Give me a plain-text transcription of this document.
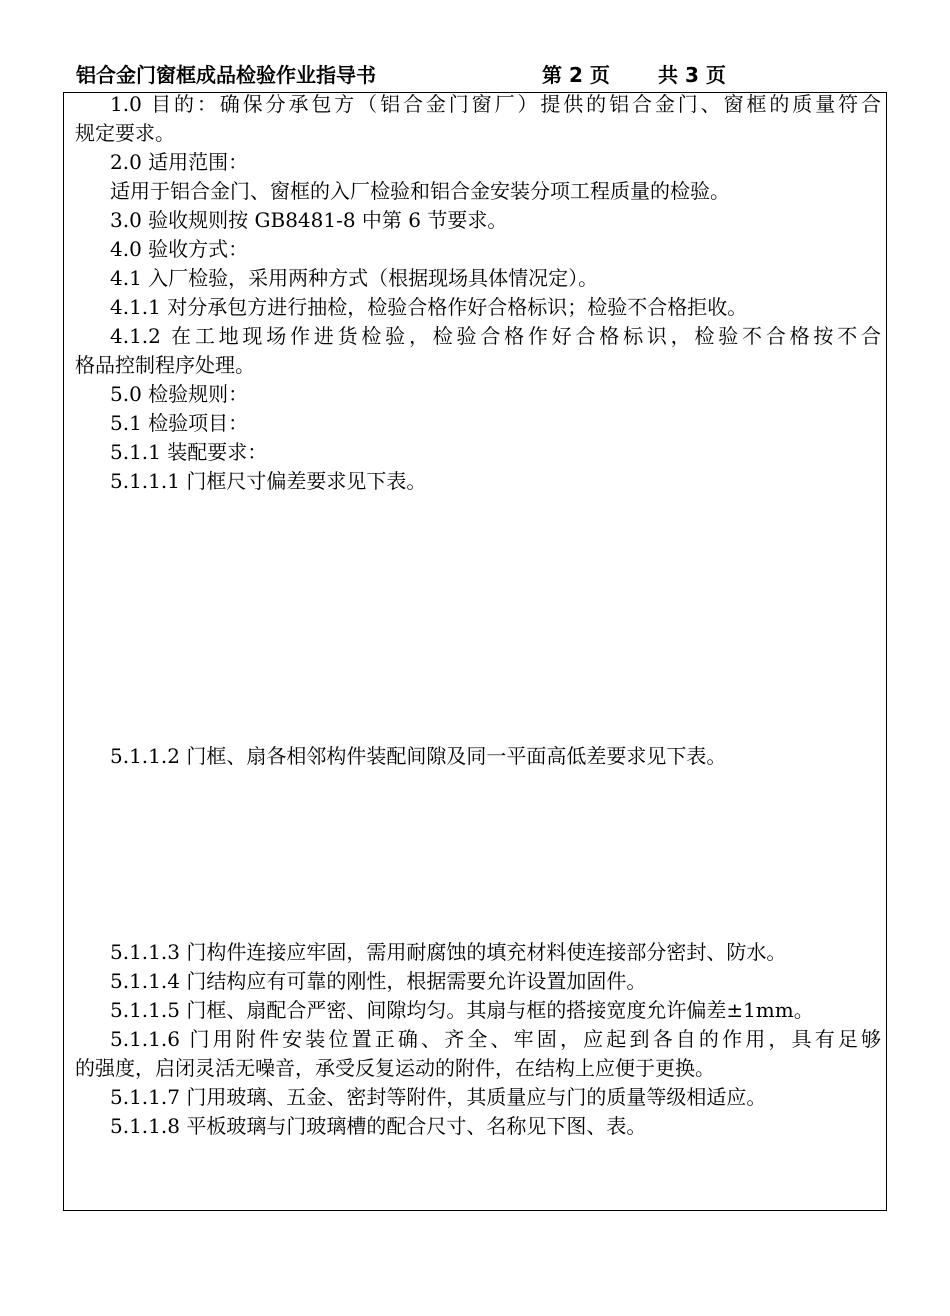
铝合金门窗框成品检验作业指导书	第 2 页 共 3 页
1.0 目的：确保分承包方（铝合金门窗厂）提供的铝合金门、窗框的质量符合
规定要求。
2.0 适用范围：
适用于铝合金门、窗框的入厂检验和铝合金安装分项工程质量的检验。
3.0 验收规则按 GB8481-8 中第 6 节要求。
4.0 验收方式：
4.1 入厂检验，采用两种方式（根据现场具体情况定）。
4.1.1 对分承包方进行抽检，检验合格作好合格标识；检验不合格拒收。
4.1.2 在工地现场作进货检验，检验合格作好合格标识，检验不合格按不合
格品控制程序处理。
5.0 检验规则：
5.1 检验项目：
5.1.1 装配要求：
5.1.1.1 门框尺寸偏差要求见下表。
5.1.1.2 门框、扇各相邻构件装配间隙及同一平面高低差要求见下表。
5.1.1.3 门构件连接应牢固，需用耐腐蚀的填充材料使连接部分密封、防水。
5.1.1.4 门结构应有可靠的刚性，根据需要允许设置加固件。
5.1.1.5 门框、扇配合严密、间隙均匀。其扇与框的搭接宽度允许偏差±1mm。
5.1.1.6 门用附件安装位置正确、齐全、牢固，应起到各自的作用，具有足够
的强度，启闭灵活无噪音，承受反复运动的附件，在结构上应便于更换。
5.1.1.7 门用玻璃、五金、密封等附件，其质量应与门的质量等级相适应。
5.1.1.8 平板玻璃与门玻璃槽的配合尺寸、名称见下图、表。
